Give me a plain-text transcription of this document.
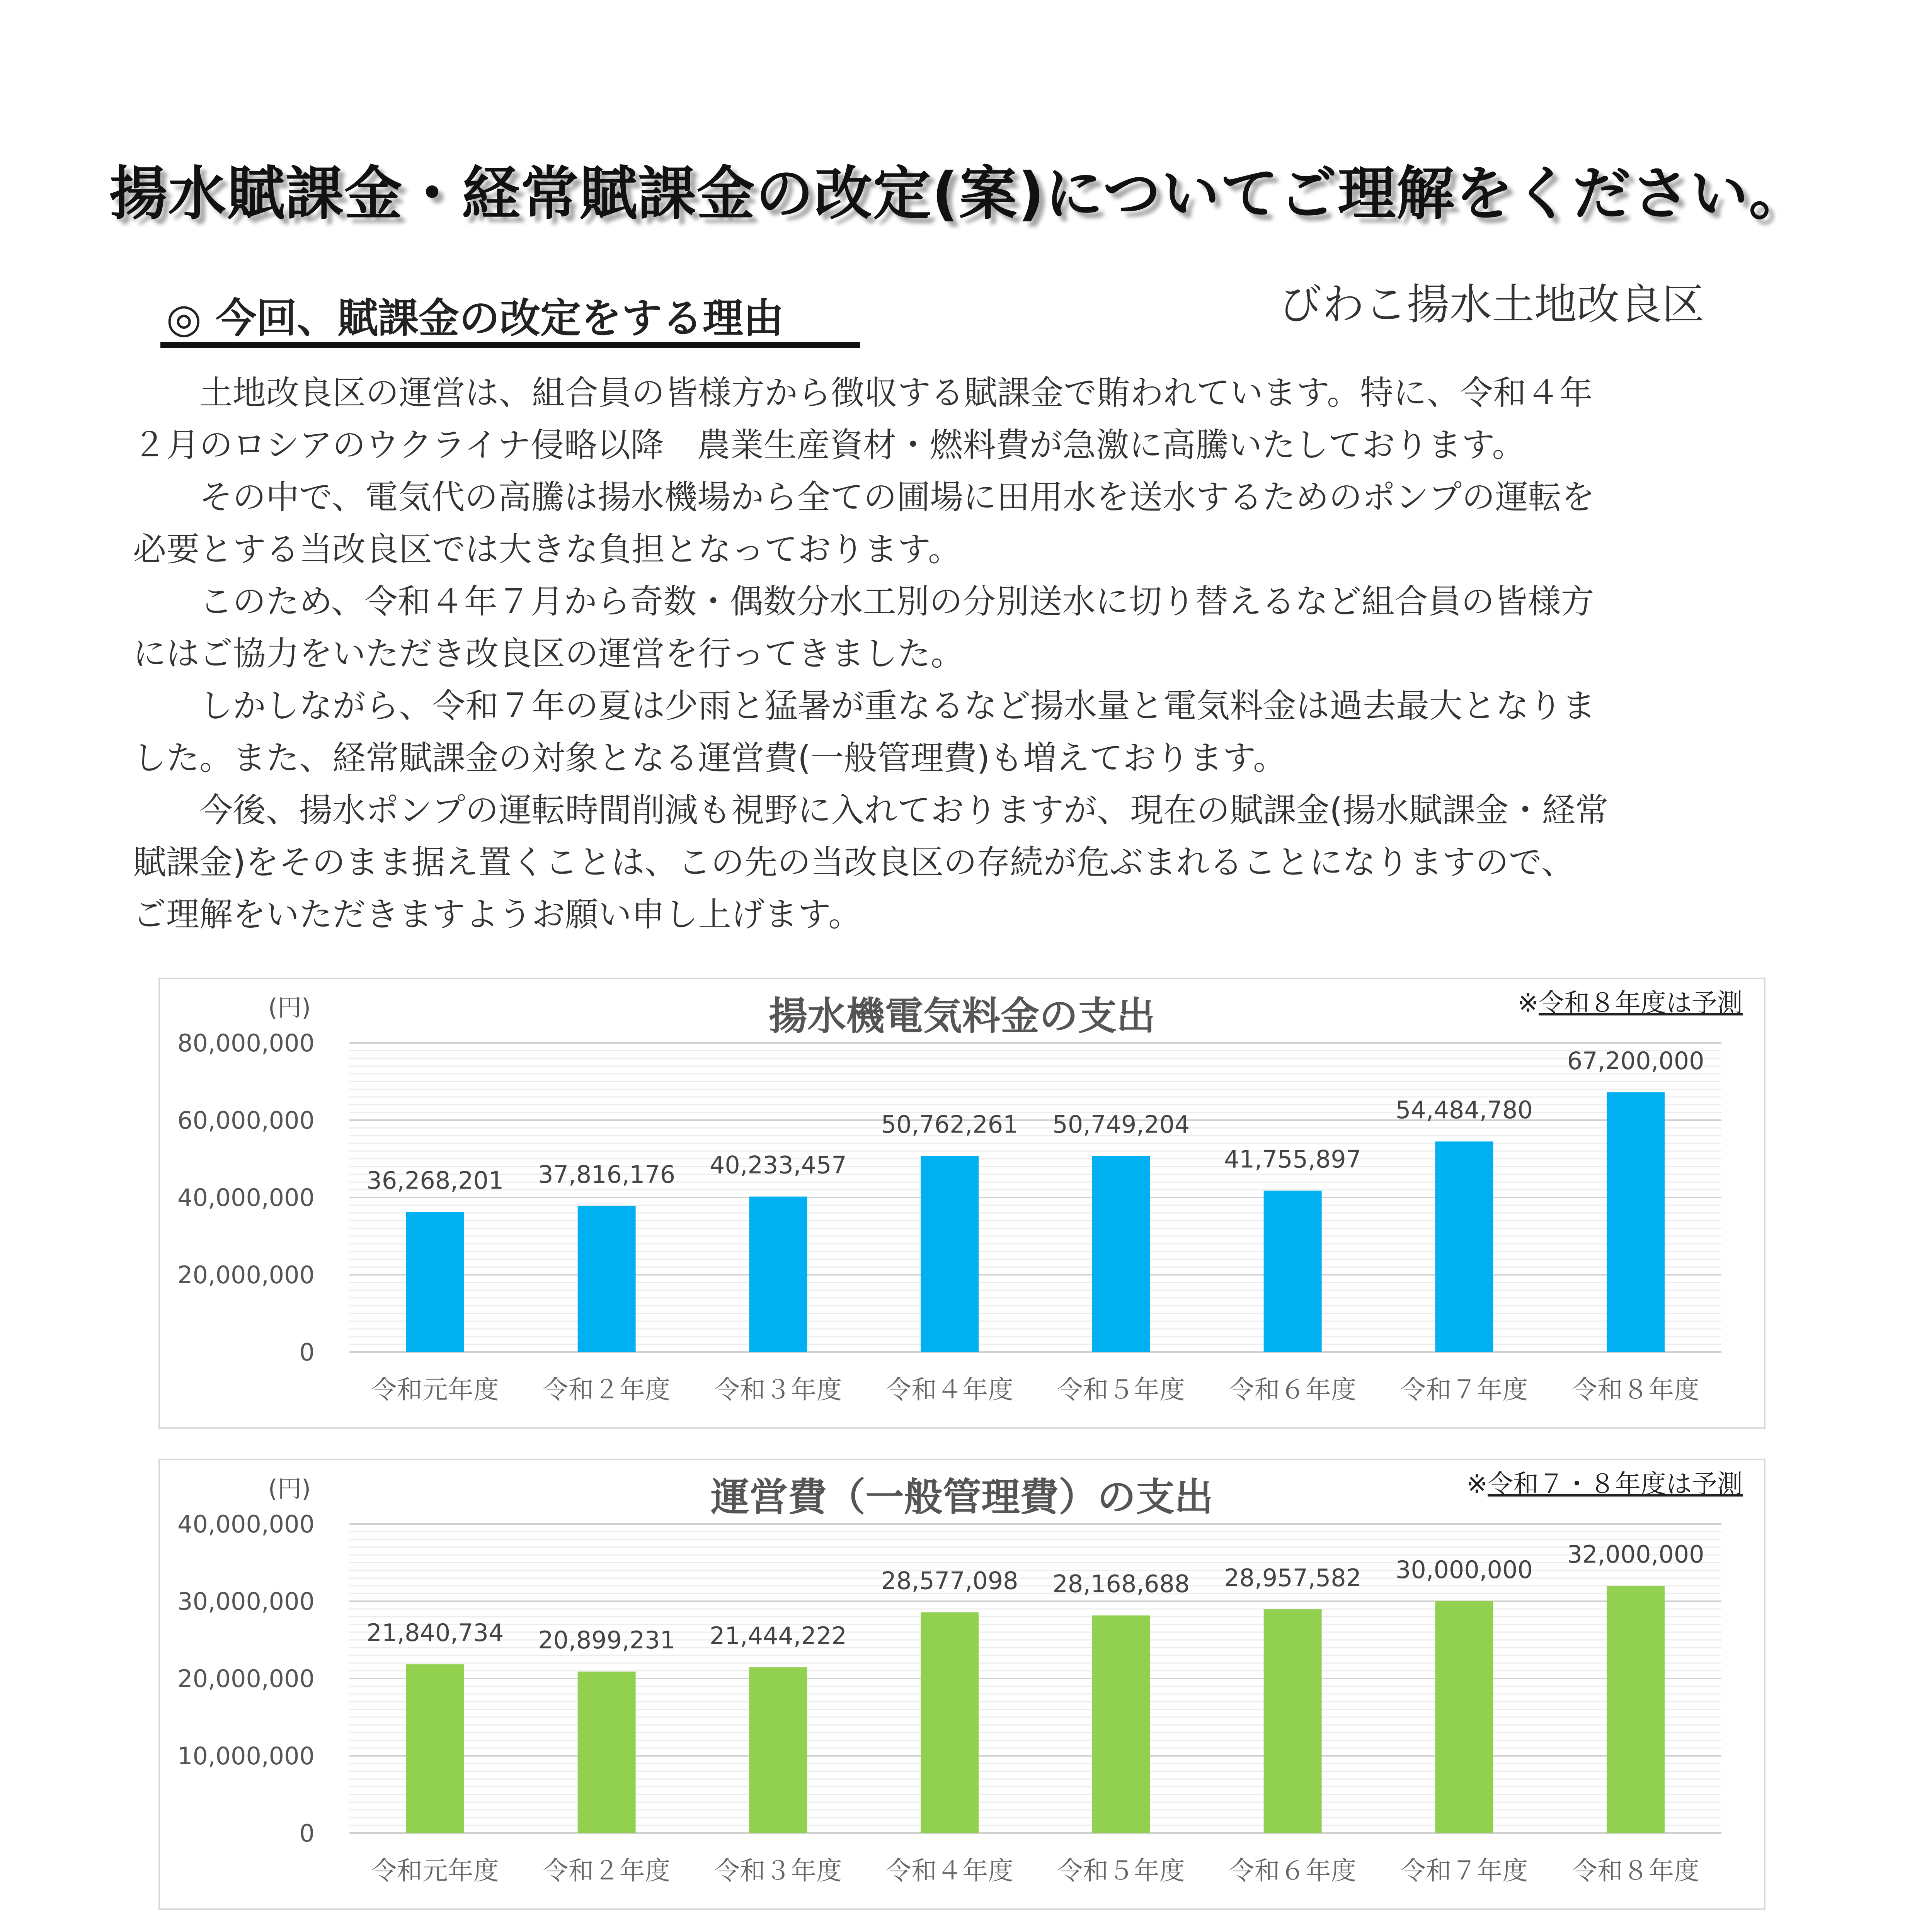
揚水賦課金・経常賦課金の改定(案)についてご理解をください。
◎ 今回、賦課金の改定をする理由	びわこ揚水土地改良区

土地改良区の運営は、組合員の皆様方から徴収する賦課金で賄われています。特に、令和４年
２月のロシアのウクライナ侵略以降　農業生産資材・燃料費が急激に高騰いたしております。

その中で、電気代の高騰は揚水機場から全ての圃場に田用水を送水するためのポンプの運転を
必要とする当改良区では大きな負担となっております。

このため、令和４年７月から奇数・偶数分水工別の分別送水に切り替えるなど組合員の皆様方
にはご協力をいただき改良区の運営を行ってきました。

しかしながら、令和７年の夏は少雨と猛暑が重なるなど揚水量と電気料金は過去最大となりま
した。また、経常賦課金の対象となる運営費(一般管理費)も増えております。

今後、揚水ポンプの運転時間削減も視野に入れておりますが、現在の賦課金(揚水賦課金・経常
賦課金)をそのまま据え置くことは、この先の当改良区の存続が危ぶまれることになりますので、
ご理解をいただきますようお願い申し上げます。

0
20,000,000
40,000,000
60,000,000
80,000,000
(円)	揚水機電気料金の支出
36,268,201
令和元年度
37,816,176
令和２年度
40,233,457
令和３年度
50,762,261
令和４年度
50,749,204
令和５年度
41,755,897
令和６年度
54,484,780
令和７年度
67,200,000
令和８年度
※令和８年度は予測
0
10,000,000
20,000,000
30,000,000
40,000,000
(円)	運営費（一般管理費）の支出
21,840,734
令和元年度
20,899,231
令和２年度
21,444,222
令和３年度
28,577,098
令和４年度
28,168,688
令和５年度
28,957,582
令和６年度
30,000,000
令和７年度
32,000,000
令和８年度
※令和７・８年度は予測
